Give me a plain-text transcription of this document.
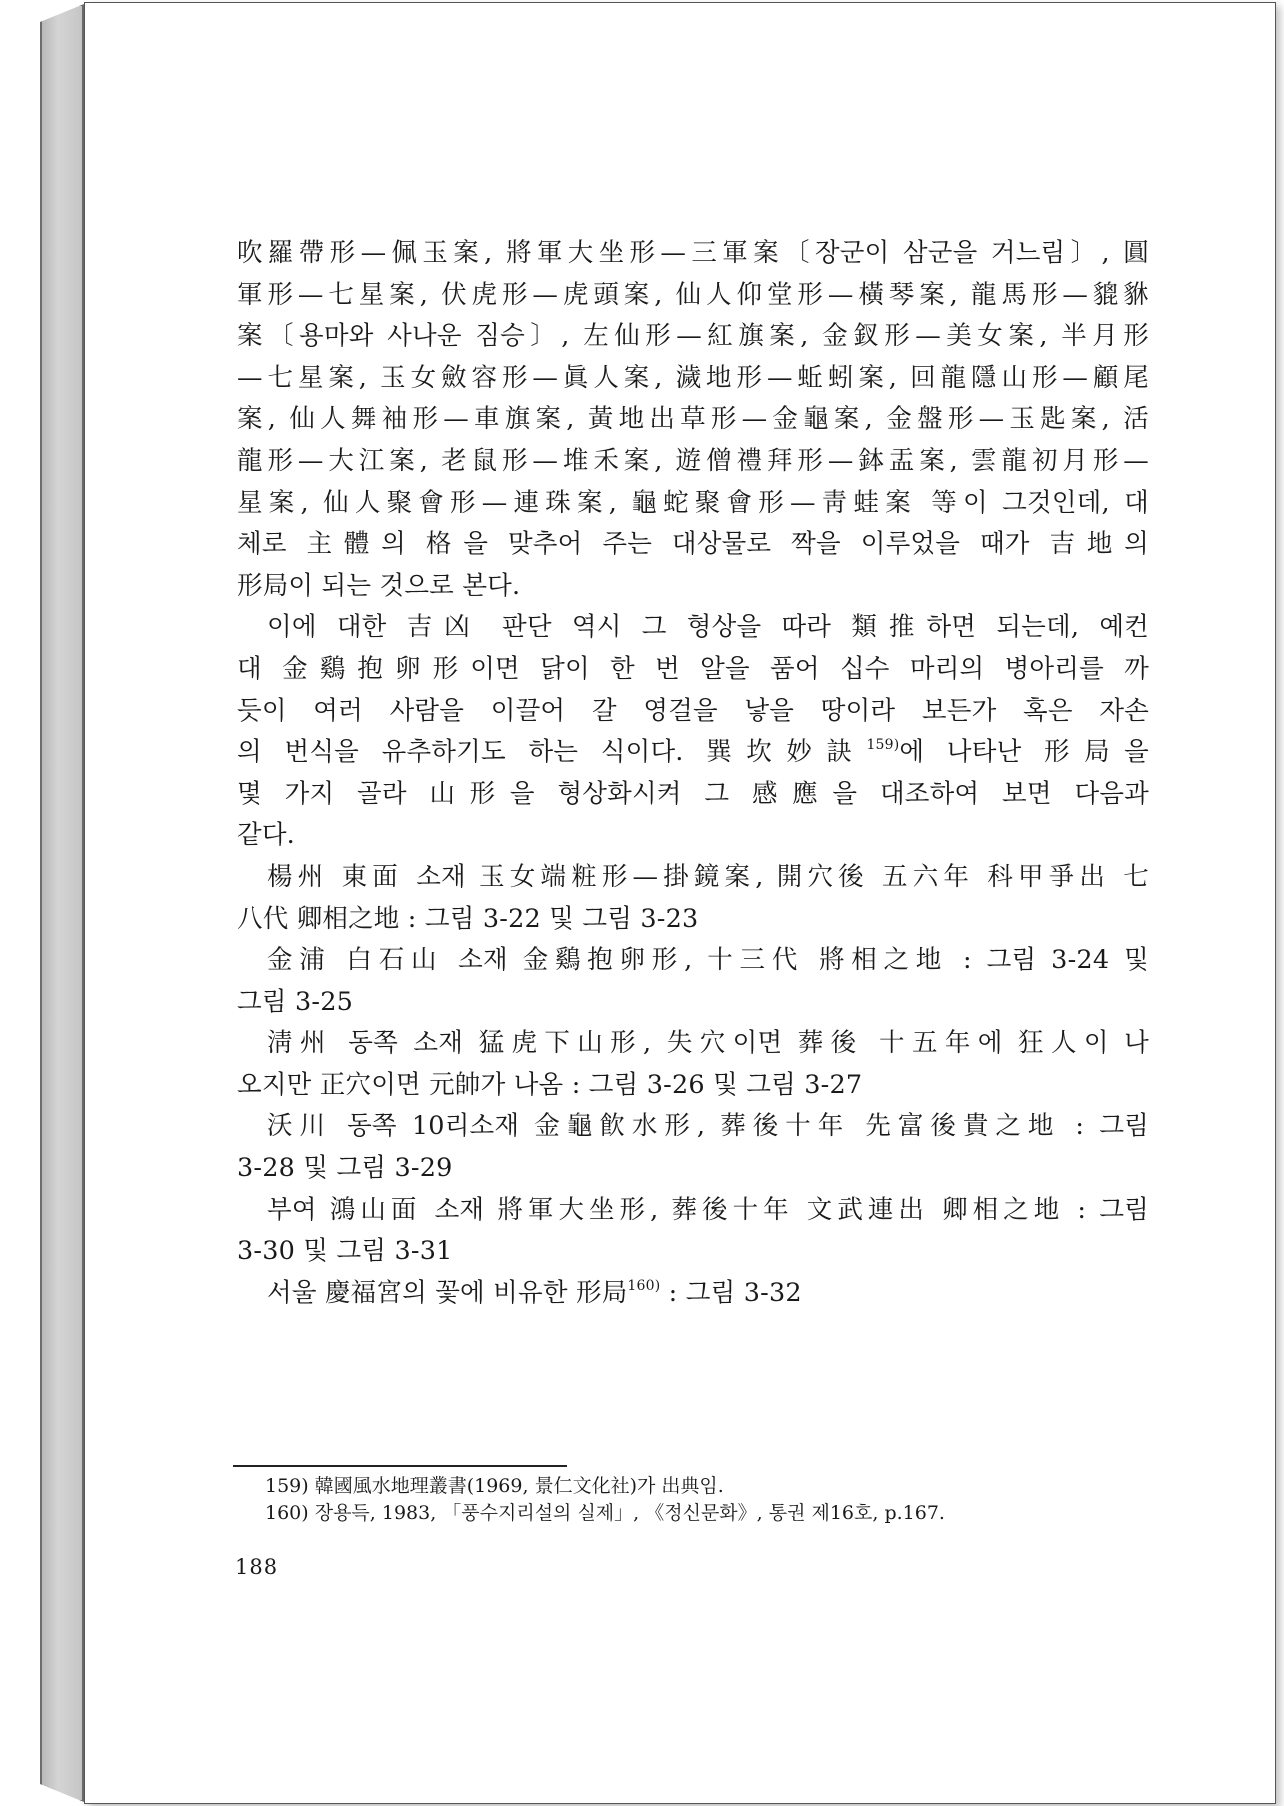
吹羅帶形—佩玉案, 將軍大坐形—三軍案〔장군이 삼군을 거느림〕, 圓
軍形—七星案, 伏虎形—虎頭案, 仙人仰堂形—橫琴案, 龍馬形—貔貅
案〔용마와 사나운 짐승〕, 左仙形—紅旗案, 金釵形—美女案, 半月形
—七星案, 玉女斂容形—眞人案, 濊地形—蚯蚓案, 回龍隱山形—顧尾
案, 仙人舞袖形—車旗案, 黃地出草形—金龜案, 金盤形—玉匙案, 活
龍形—大江案, 老鼠形—堆禾案, 遊僧禮拜形—鉢盂案, 雲龍初月形—
星案, 仙人聚會形—連珠案, 龜蛇聚會形—靑蛙案 等이 그것인데, 대
체로 主體의 格을 맞추어 주는 대상물로 짝을 이루었을 때가 吉地의
形局이 되는 것으로 본다.
이에 대한 吉凶 판단 역시 그 형상을 따라 類推하면 되는데, 예컨
대 金鷄抱卵形이면 닭이 한 번 알을 품어 십수 마리의 병아리를 까
듯이 여러 사람을 이끌어 갈 영걸을 낳을 땅이라 보든가 혹은 자손
의 번식을 유추하기도 하는 식이다. 巽坎妙訣$^{159)}$에 나타난 形局을
몇 가지 골라 山形을 형상화시켜 그 感應을 대조하여 보면 다음과
같다.
楊州 東面 소재 玉女端粧形—掛鏡案, 開穴後 五六年 科甲爭出 七
八代 卿相之地 : 그림 3-22 및 그림 3-23
金浦 白石山 소재 金鷄抱卵形, 十三代 將相之地 : 그림 3-24 및
그림 3-25
淸州 동쪽 소재 猛虎下山形, 失穴이면 葬後 十五年에 狂人이 나
오지만 正穴이면 元帥가 나옴 : 그림 3-26 및 그림 3-27
沃川 동쪽 10리소재 金龜飮水形, 葬後十年 先富後貴之地 : 그림
3-28 및 그림 3-29
부여 鴻山面 소재 將軍大坐形, 葬後十年 文武連出 卿相之地 : 그림
3-30 및 그림 3-31
서울 慶福宮의 꽃에 비유한 形局$^{160)}$ : 그림 3-32
159) 韓國風水地理叢書(1969, 景仁文化社)가 出典임.
160) 장용득, 1983, 「풍수지리설의 실제」, 《정신문화》, 통권 제16호, p.167.
188
